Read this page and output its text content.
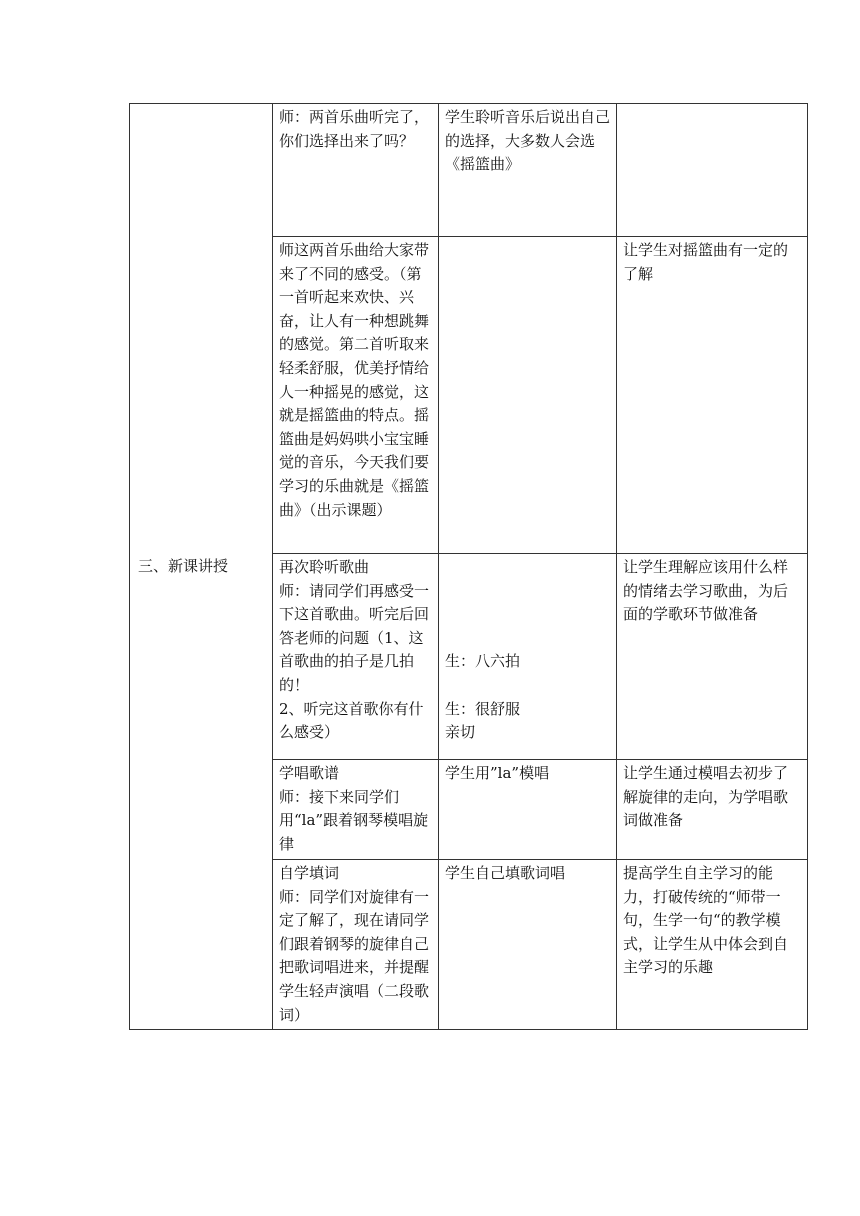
三、新课讲授	师：两首乐曲听完了，你们选择出来了吗？	学生聆听音乐后说出自己的选择，大多数人会选《摇篮曲》	

	师这两首乐曲给大家带来了不同的感受。（第一首听起来欢快、兴奋，让人有一种想跳舞的感觉。第二首听取来轻柔舒服，优美抒情给人一种摇晃的感觉，这就是摇篮曲的特点。摇篮曲是妈妈哄小宝宝睡觉的音乐，今天我们要学习的乐曲就是《摇篮曲》（出示课题）		让学生对摇篮曲有一定的了解

	再次聆听歌曲
师：请同学们再感受一下这首歌曲。听完后回答老师的问题（1、这首歌曲的拍子是几拍的！
2、听完这首歌你有什么感受）	生：八六拍
生：很舒服
亲切	让学生理解应该用什么样的情绪去学习歌曲，为后面的学歌环节做准备

	学唱歌谱
师：接下来同学们用“la”跟着钢琴模唱旋律	学生用”la”模唱	让学生通过模唱去初步了解旋律的走向，为学唱歌词做准备

	自学填词
师：同学们对旋律有一定了解了，现在请同学们跟着钢琴的旋律自己把歌词唱进来，并提醒学生轻声演唱（二段歌词）	学生自己填歌词唱	提高学生自主学习的能力，打破传统的“师带一句，生学一句“的教学模式，让学生从中体会到自主学习的乐趣
